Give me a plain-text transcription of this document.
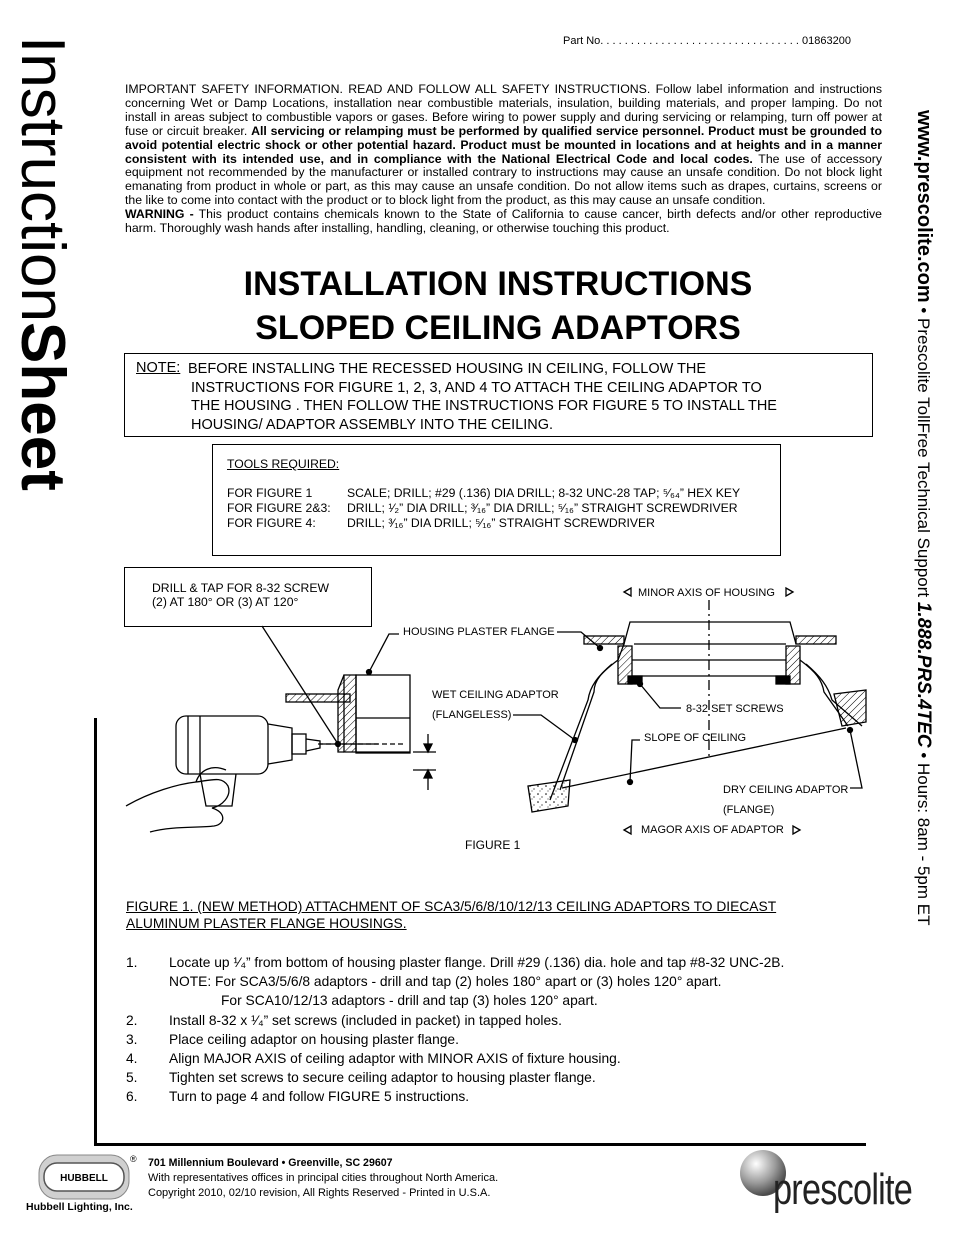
InstructionSheet
www.prescolite.com • Prescolite TollFree Technical Support 1.888.PRS.4TEC • Hours: 8am - 5pm ET
Part No. . . . . . . . . . . . . . . . . . . . . . . . . . . . . . . . . 01863200
IMPORTANT SAFETY INFORMATION. READ AND FOLLOW ALL SAFETY INSTRUCTIONS. Follow label information and instructions concerning Wet or Damp Locations, installation near combustible materials, insulation, building materials, and proper lamping. Do not install in areas subject to combustible vapors or gases. Before wiring to power supply and during servicing or relamping, turn off power at fuse or circuit breaker. All servicing or relamping must be performed by qualified service personnel. Product must be grounded to avoid potential electric shock or other potential hazard. Product must be mounted in locations and at heights and in a manner consistent with its intended use, and in compliance with the National Electrical Code and local codes. The use of accessory equipment not recommended by the manufacturer or installed contrary to instructions may cause an unsafe condition. Do not block light emanating from product in whole or part, as this may cause an unsafe condition. Do not allow items such as drapes, curtains, screens or the like to come into contact with the product or to block light from the product, as this may cause an unsafe condition.
WARNING - This product contains chemicals known to the State of California to cause cancer, birth defects and/or other reproductive harm. Thoroughly wash hands after installing, handling, cleaning, or otherwise touching this product.
INSTALLATION INSTRUCTIONS
SLOPED CEILING ADAPTORS
NOTE: BEFORE INSTALLING THE RECESSED HOUSING IN CEILING, FOLLOW THE
INSTRUCTIONS FOR FIGURE 1, 2, 3, AND 4 TO ATTACH THE CEILING ADAPTOR TO
THE HOUSING . THEN FOLLOW THE INSTRUCTIONS FOR FIGURE 5 TO INSTALL THE
HOUSING/ ADAPTOR ASSEMBLY INTO THE CEILING.
TOOLS REQUIRED:
FOR FIGURE 1	SCALE; DRILL; #29 (.136) DIA DRILL; 8-32 UNC-28 TAP; ⁵⁄₆₄” HEX KEY
FOR FIGURE 2&3: DRILL; ¹⁄₂” DIA DRILL; ³⁄₁₆” DIA DRILL; ⁵⁄₁₆” STRAIGHT SCREWDRIVER
FOR FIGURE 4:	DRILL; ³⁄₁₆” DIA DRILL; ⁵⁄₁₆” STRAIGHT SCREWDRIVER
DRILL & TAP FOR 8-32 SCREW
(2) AT 180° OR (3) AT 120°
HOUSING PLASTER FLANGE
WET CEILING ADAPTOR
(FLANGELESS)
MINOR AXIS OF HOUSING
8-32 SET SCREWS
SLOPE OF CEILING
DRY CEILING ADAPTOR
(FLANGE)
MAGOR AXIS OF ADAPTOR
FIGURE 1
FIGURE 1. (NEW METHOD) ATTACHMENT OF SCA3/5/6/8/10/12/13 CEILING ADAPTORS TO DIECAST
ALUMINUM PLASTER FLANGE HOUSINGS.
1. Locate up ¹⁄₄” from bottom of housing plaster flange. Drill #29 (.136) dia. hole and tap #8-32 UNC-2B.
NOTE: For SCA3/5/6/8 adaptors - drill and tap (2) holes 180° apart or (3) holes 120° apart.
For SCA10/12/13 adaptors - drill and tap (3) holes 120° apart.
2. Install 8-32 x ¹⁄₄” set screws (included in packet) in tapped holes.
3. Place ceiling adaptor on housing plaster flange.
4. Align MAJOR AXIS of ceiling adaptor with MINOR AXIS of fixture housing.
5. Tighten set screws to secure ceiling adaptor to housing plaster flange.
6. Turn to page 4 and follow FIGURE 5 instructions.
HUBBELL
®
Hubbell Lighting, Inc.
701 Millennium Boulevard • Greenville, SC 29607
With representatives offices in principal cities throughout North America.
Copyright 2010, 02/10 revision, All Rights Reserved - Printed in U.S.A.	prescolite
